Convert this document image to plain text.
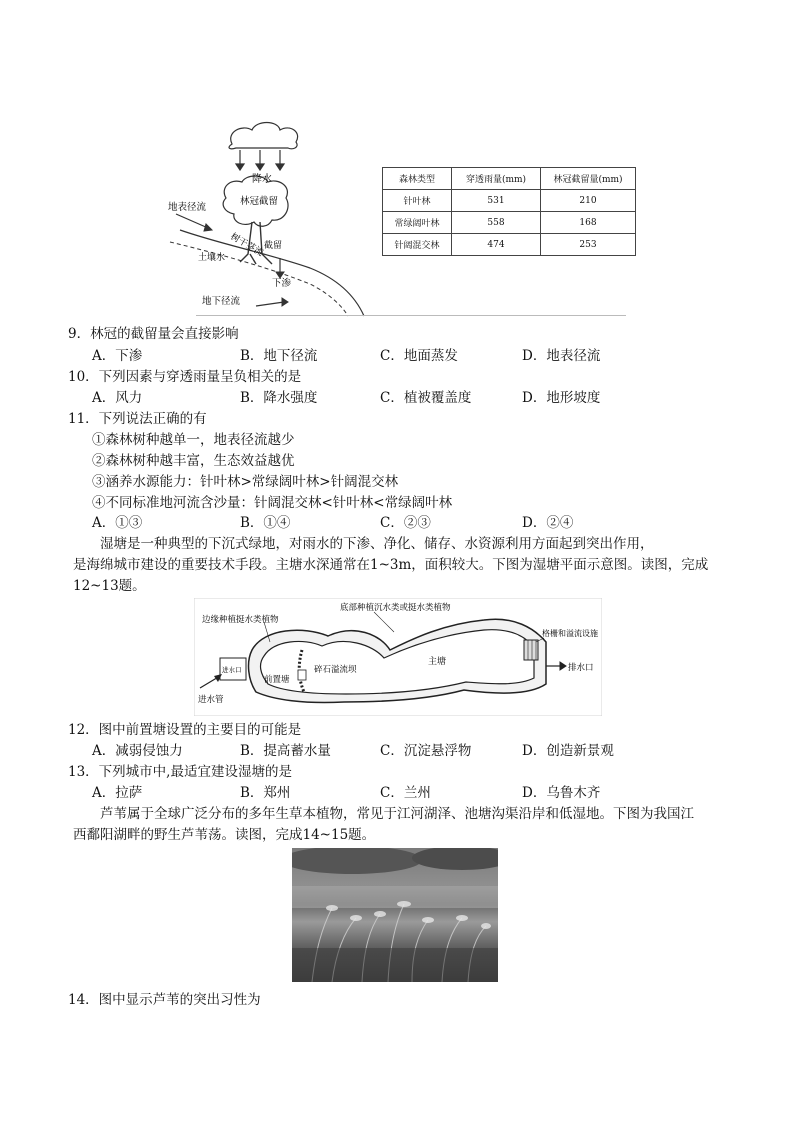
降水
地表径流
林冠截留
树干茎流 截留
土壤水
下渗
地下径流
森林类型	穿透雨量(mm)	林冠截留量(mm)
针叶林	531	210
常绿阔叶林	558	168
针阔混交林	474	253
9．林冠的截留量会直接影响
A．下渗	B．地下径流	C．地面蒸发	D．地表径流
10．下列因素与穿透雨量呈负相关的是
A．风力	B．降水强度	C．植被覆盖度	D．地形坡度
11．下列说法正确的有
①森林树种越单一，地表径流越少
②森林树种越丰富，生态效益越优
③涵养水源能力：针叶林>常绿阔叶林>针阔混交林
④不同标准地河流含沙量：针阔混交林<针叶林<常绿阔叶林
A．①③	B．①④	C．②③	D．②④
湿塘是一种典型的下沉式绿地，对雨水的下渗、净化、储存、水资源利用方面起到突出作用，
是海绵城市建设的重要技术手段。主塘水深通常在1~3m，面积较大。下图为湿塘平面示意图。读图，完成
12~13题。
底部种植沉水类或挺水类植物
边缘种植挺水类植物
进水口
前置塘
碎石溢流坝
主塘
格栅和溢流设施
排水口
进水管
12．图中前置塘设置的主要目的可能是
A．减弱侵蚀力	B．提高蓄水量	C．沉淀悬浮物	D．创造新景观
13．下列城市中,最适宜建设湿塘的是
A．拉萨	B．郑州	C．兰州	D．乌鲁木齐
芦苇属于全球广泛分布的多年生草本植物，常见于江河湖泽、池塘沟渠沿岸和低湿地。下图为我国江
西鄱阳湖畔的野生芦苇荡。读图，完成14~15题。
14．图中显示芦苇的突出习性为
